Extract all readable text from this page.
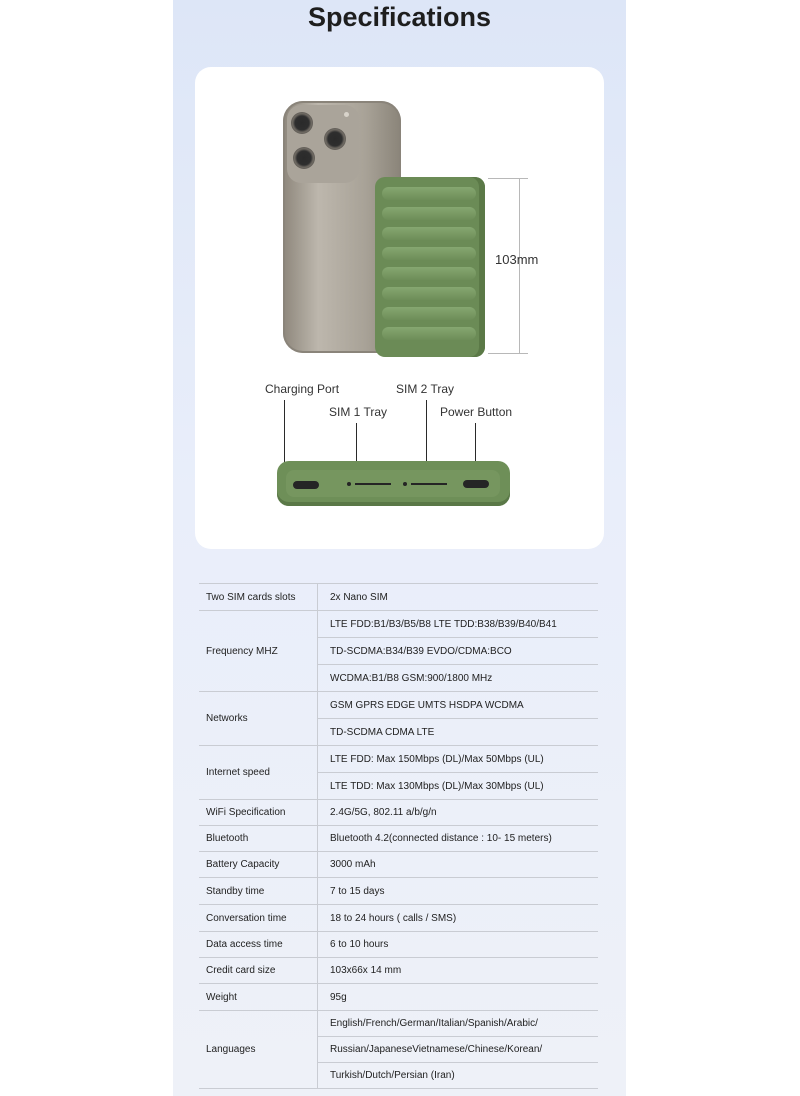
Specifications
103mm
Charging Port	SIM 2 Tray
SIM 1 Tray	Power Button
Two SIM cards slots	2x Nano SIM
Frequency MHZ	LTE FDD:B1/B3/B5/B8 LTE TDD:B38/B39/B40/B41
	TD-SCDMA:B34/B39 EVDO/CDMA:BCO
	WCDMA:B1/B8 GSM:900/1800 MHz
Networks	GSM GPRS EDGE UMTS HSDPA WCDMA
	TD-SCDMA CDMA LTE
Internet speed	LTE FDD: Max 150Mbps (DL)/Max 50Mbps (UL)
	LTE TDD: Max 130Mbps (DL)/Max 30Mbps (UL)
WiFi Specification	2.4G/5G, 802.11 a/b/g/n
Bluetooth	Bluetooth 4.2(connected distance : 10- 15 meters)
Battery Capacity	3000 mAh
Standby time	7 to 15 days
Conversation time	18 to 24 hours ( calls / SMS)
Data access time	6 to 10 hours
Credit card size	103x66x 14 mm
Weight	95g
Languages	English/French/German/Italian/Spanish/Arabic/
	Russian/JapaneseVietnamese/Chinese/Korean/
	Turkish/Dutch/Persian (Iran)
